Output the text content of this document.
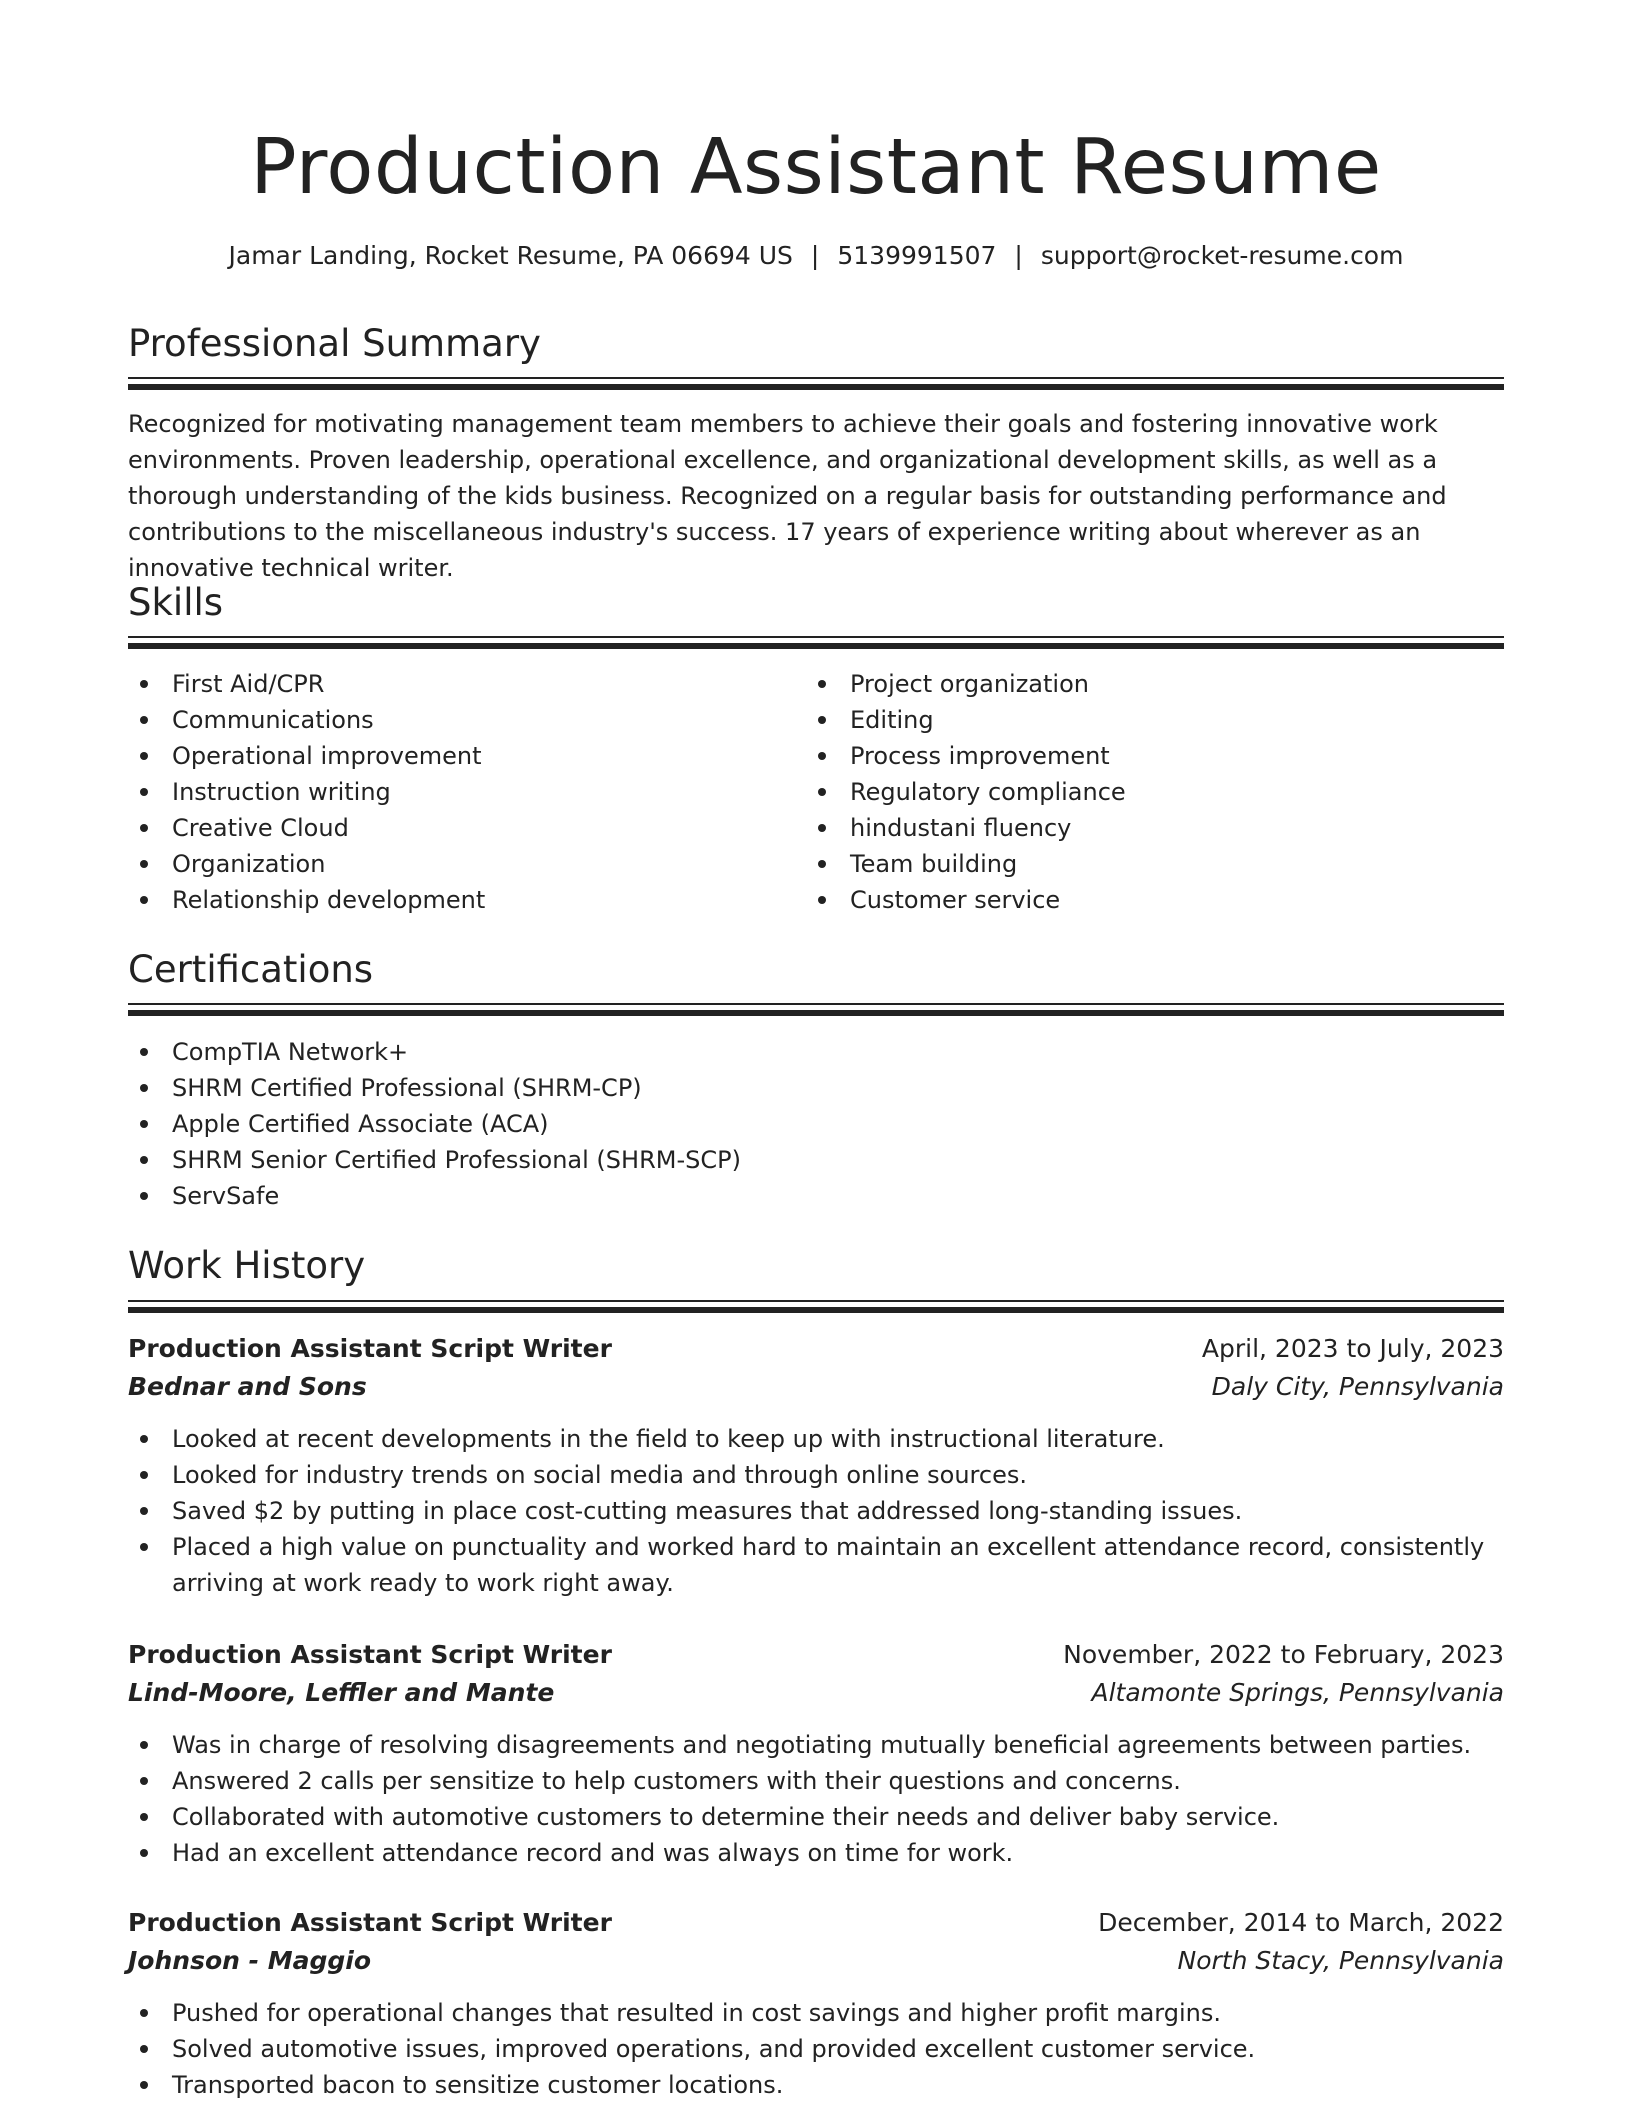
Production Assistant Resume
Jamar Landing, Rocket Resume, PA 06694 US | 5139991507 | support@rocket-resume.com
Professional Summary

Recognized for motivating management team members to achieve their goals and fostering innovative work environments. Proven leadership, operational excellence, and organizational development skills, as well as a thorough understanding of the kids business. Recognized on a regular basis for outstanding performance and contributions to the miscellaneous industry's success. 17 years of experience writing about wherever as an innovative technical writer.

Skills
First Aid/CPR
Communications
Operational improvement
Instruction writing
Creative Cloud
Organization
Relationship development
Project organization
Editing
Process improvement
Regulatory compliance
hindustani fluency
Team building
Customer service
Certifications
CompTIA Network+
SHRM Certified Professional (SHRM-CP)
Apple Certified Associate (ACA)
SHRM Senior Certified Professional (SHRM-SCP)
ServSafe
Work History
Production Assistant Script Writer	April, 2023 to July, 2023
Bednar and Sons	Daly City, Pennsylvania
Looked at recent developments in the field to keep up with instructional literature.
Looked for industry trends on social media and through online sources.
Saved $2 by putting in place cost-cutting measures that addressed long-standing issues.
Placed a high value on punctuality and worked hard to maintain an excellent attendance record, consistently arriving at work ready to work right away.
Production Assistant Script Writer	November, 2022 to February, 2023
Lind-Moore, Leffler and Mante	Altamonte Springs, Pennsylvania
Was in charge of resolving disagreements and negotiating mutually beneficial agreements between parties.
Answered 2 calls per sensitize to help customers with their questions and concerns.
Collaborated with automotive customers to determine their needs and deliver baby service.
Had an excellent attendance record and was always on time for work.
Production Assistant Script Writer	December, 2014 to March, 2022
Johnson - Maggio	North Stacy, Pennsylvania
Pushed for operational changes that resulted in cost savings and higher profit margins.
Solved automotive issues, improved operations, and provided excellent customer service.
Transported bacon to sensitize customer locations.
